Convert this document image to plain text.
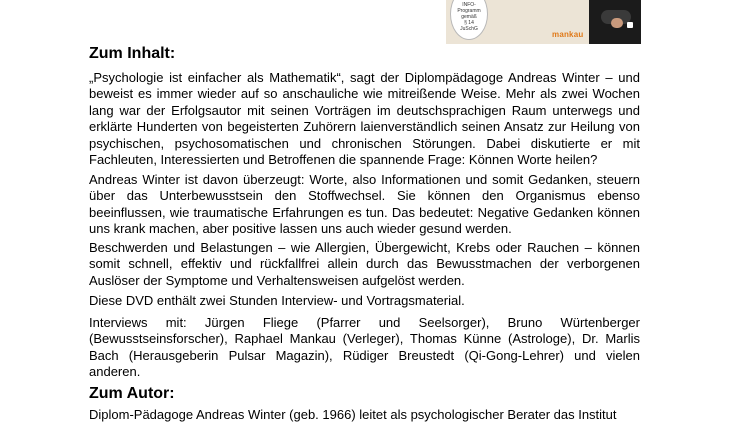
INFO-
Programm
gemäß
§ 14
JuSchG
mankau
Zum Inhalt:

„Psychologie ist einfacher als Mathematik“, sagt der Diplompädagoge Andreas Winter – und beweist es immer wieder auf so anschauliche wie mitreißende Weise. Mehr als zwei Wochen lang war der Erfolgsautor mit seinen Vorträgen im deutschsprachigen Raum unterwegs und erklärte Hunderten von begeisterten Zuhörern laienverständlich seinen Ansatz zur Heilung von psychischen, psychosomatischen und chronischen Störungen. Dabei diskutierte er mit Fachleuten, Interessierten und Betroffenen die spannende Frage: Können Worte heilen?

Andreas Winter ist davon überzeugt: Worte, also Informationen und somit Gedanken, steuern über das Unterbewusstsein den Stoffwechsel. Sie können den Organismus ebenso beeinflussen, wie traumatische Erfahrungen es tun. Das bedeutet: Negative Gedanken können uns krank machen, aber positive lassen uns auch wieder gesund werden.

Beschwerden und Belastungen – wie Allergien, Übergewicht, Krebs oder Rauchen – können somit schnell, effektiv und rückfallfrei allein durch das Bewusstmachen der verborgenen Auslöser der Symptome und Verhaltensweisen aufgelöst werden.

Diese DVD enthält zwei Stunden Interview- und Vortragsmaterial.

Interviews mit: Jürgen Fliege (Pfarrer und Seelsorger), Bruno Würtenberger (Bewusstseinsforscher), Raphael Mankau (Verleger), Thomas Künne (Astrologe), Dr. Marlis Bach (Herausgeberin Pulsar Magazin), Rüdiger Breustedt (Qi-Gong-Lehrer) und vielen anderen.

Zum Autor:

Diplom-Pädagoge Andreas Winter (geb. 1966) leitet als psychologischer Berater das Institut
